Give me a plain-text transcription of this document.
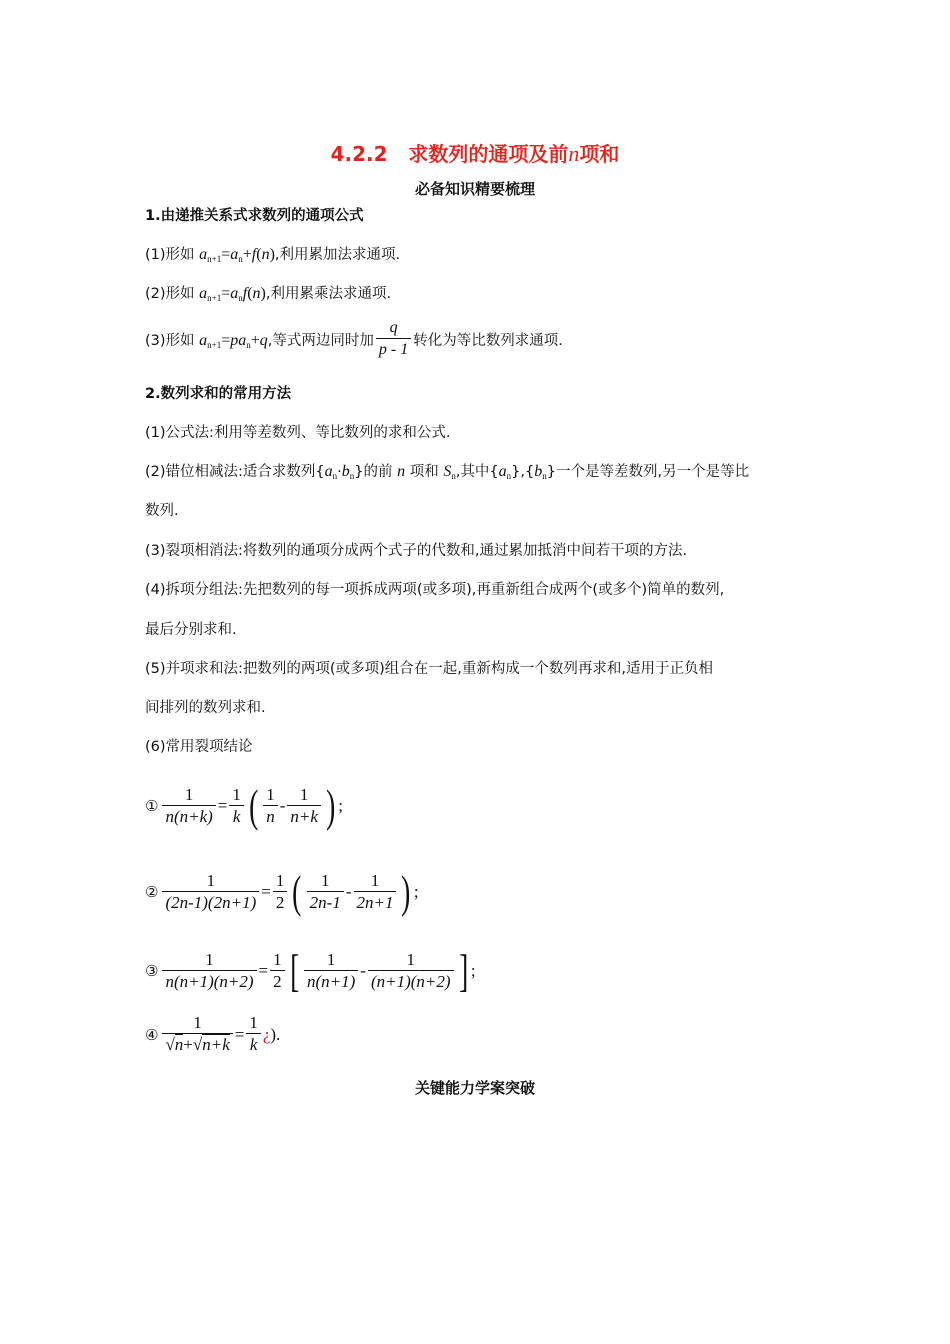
4.2.2 求数列的通项及前n项和
必备知识精要梳理
1.由递推关系式求数列的通项公式
(1)形如 $a_{n+1}=a_n+f(n)$,利用累加法求通项.
(2)形如 $a_{n+1}=a_nf(n)$,利用累乘法求通项.
(3)形如 $a_{n+1}=pa_n+q$,等式两边同时加 $\frac{q}{p - 1}$ 转化为等比数列求通项.
2.数列求和的常用方法
(1)公式法:利用等差数列、等比数列的求和公式.
(2)错位相减法:适合求数列$\{a_n\cdot b_n\}$的前 n 项和 $S_n$,其中$\{a_n\},\{b_n\}$一个是等差数列,另一个是等比
数列.
(3)裂项相消法:将数列的通项分成两个式子的代数和,通过累加抵消中间若干项的方法.
(4)拆项分组法:先把数列的每一项拆成两项(或多项),再重新组合成两个(或多个)简单的数列,
最后分别求和.
(5)并项求和法:把数列的两项(或多项)组合在一起,重新构成一个数列再求和,适用于正负相
间排列的数列求和.
(6)常用裂项结论
① $\frac{1}{n(n+k)} = \frac{1}{k}$ ( $\frac{1}{n} - \frac{1}{n+k}$ ) ;
② $\frac{1}{(2n-1)(2n+1)} = \frac{1}{2}$ ( $\frac{1}{2n-1} - \frac{1}{2n+1}$ ) ;
③ $\frac{1}{n(n+1)(n+2)} = \frac{1}{2}$ [ $\frac{1}{n(n+1)} - \frac{1}{(n+1)(n+2)}$ ] ;
④ $\frac{1}{√n+√n+k} = \frac{1}{k}$ ¿ ).
关键能力学案突破
